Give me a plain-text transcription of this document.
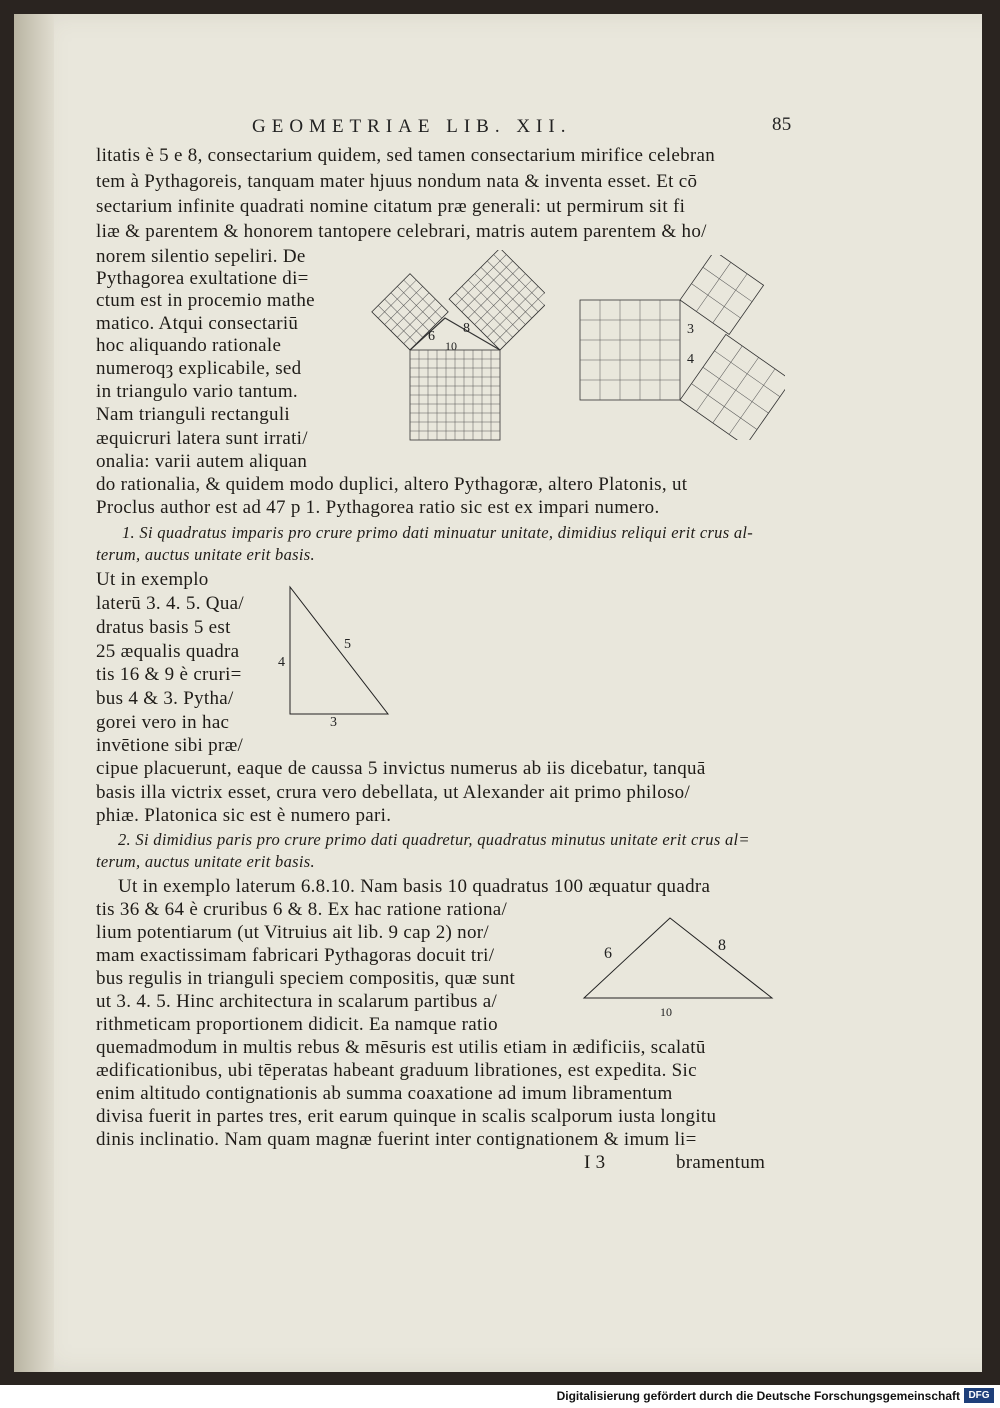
GEOMETRIAE LIB. XII.	85
litatis è 5 e 8, consectarium quidem, sed tamen consectarium mirifice celebran
tem à Pythagoreis, tanquam mater hjuus nondum nata & inventa esset. Et cō
sectarium infinite quadrati nomine citatum præ generali: ut permirum sit fi
liæ & parentem & honorem tantopere celebrari, matris autem parentem & ho/
norem silentio sepeliri. De
Pythagorea exultatione di=
ctum est in procemio mathe
matico. Atqui consectariū
hoc aliquando rationale
numeroqȝ explicabile, sed
in triangulo vario tantum.
Nam trianguli rectanguli
æquicruri latera sunt irrati/
onalia: varii autem aliquan
do rationalia, & quidem modo duplici, altero Pythagoræ, altero Platonis, ut
Proclus author est ad 47 p 1. Pythagorea ratio sic est ex impari numero.
1. Si quadratus imparis pro crure primo dati minuatur unitate, dimidius reliqui erit crus al-
terum, auctus unitate erit basis.
Ut in exemplo
laterū 3. 4. 5. Qua/
dratus basis 5 est
25 æqualis quadra
tis 16 & 9 è cruri=
bus 4 & 3. Pytha/
gorei vero in hac
invētione sibi præ/
cipue placuerunt, eaque de caussa 5 invictus numerus ab iis dicebatur, tanquā
basis illa victrix esset, crura vero debellata, ut Alexander ait primo philoso/
phiæ. Platonica sic est è numero pari.
2. Si dimidius paris pro crure primo dati quadretur, quadratus minutus unitate erit crus al=
terum, auctus unitate erit basis.
Ut in exemplo laterum 6.8.10. Nam basis 10 quadratus 100 æquatur quadra
tis 36 & 64 è cruribus 6 & 8. Ex hac ratione rationa/
lium potentiarum (ut Vitruius ait lib. 9 cap 2) nor/
mam exactissimam fabricari Pythagoras docuit tri/
bus regulis in trianguli speciem compositis, quæ sunt
ut 3. 4. 5. Hinc architectura in scalarum partibus a/
rithmeticam proportionem didicit. Ea namque ratio
quemadmodum in multis rebus & mēsuris est utilis etiam in ædificiis, scalatū
ædificationibus, ubi tēperatas habeant graduum librationes, est expedita. Sic
enim altitudo contignationis ab summa coaxatione ad imum libramentum
divisa fuerit in partes tres, erit earum quinque in scalis scalporum iusta longitu
dinis inclinatio. Nam quam magnæ fuerint inter contignationem & imum li=
I 3	bramentum
6
8
10
3
4
4
5
3
6	8
10
Digitalisierung gefördert durch die Deutsche Forschungsgemeinschaft DFG
